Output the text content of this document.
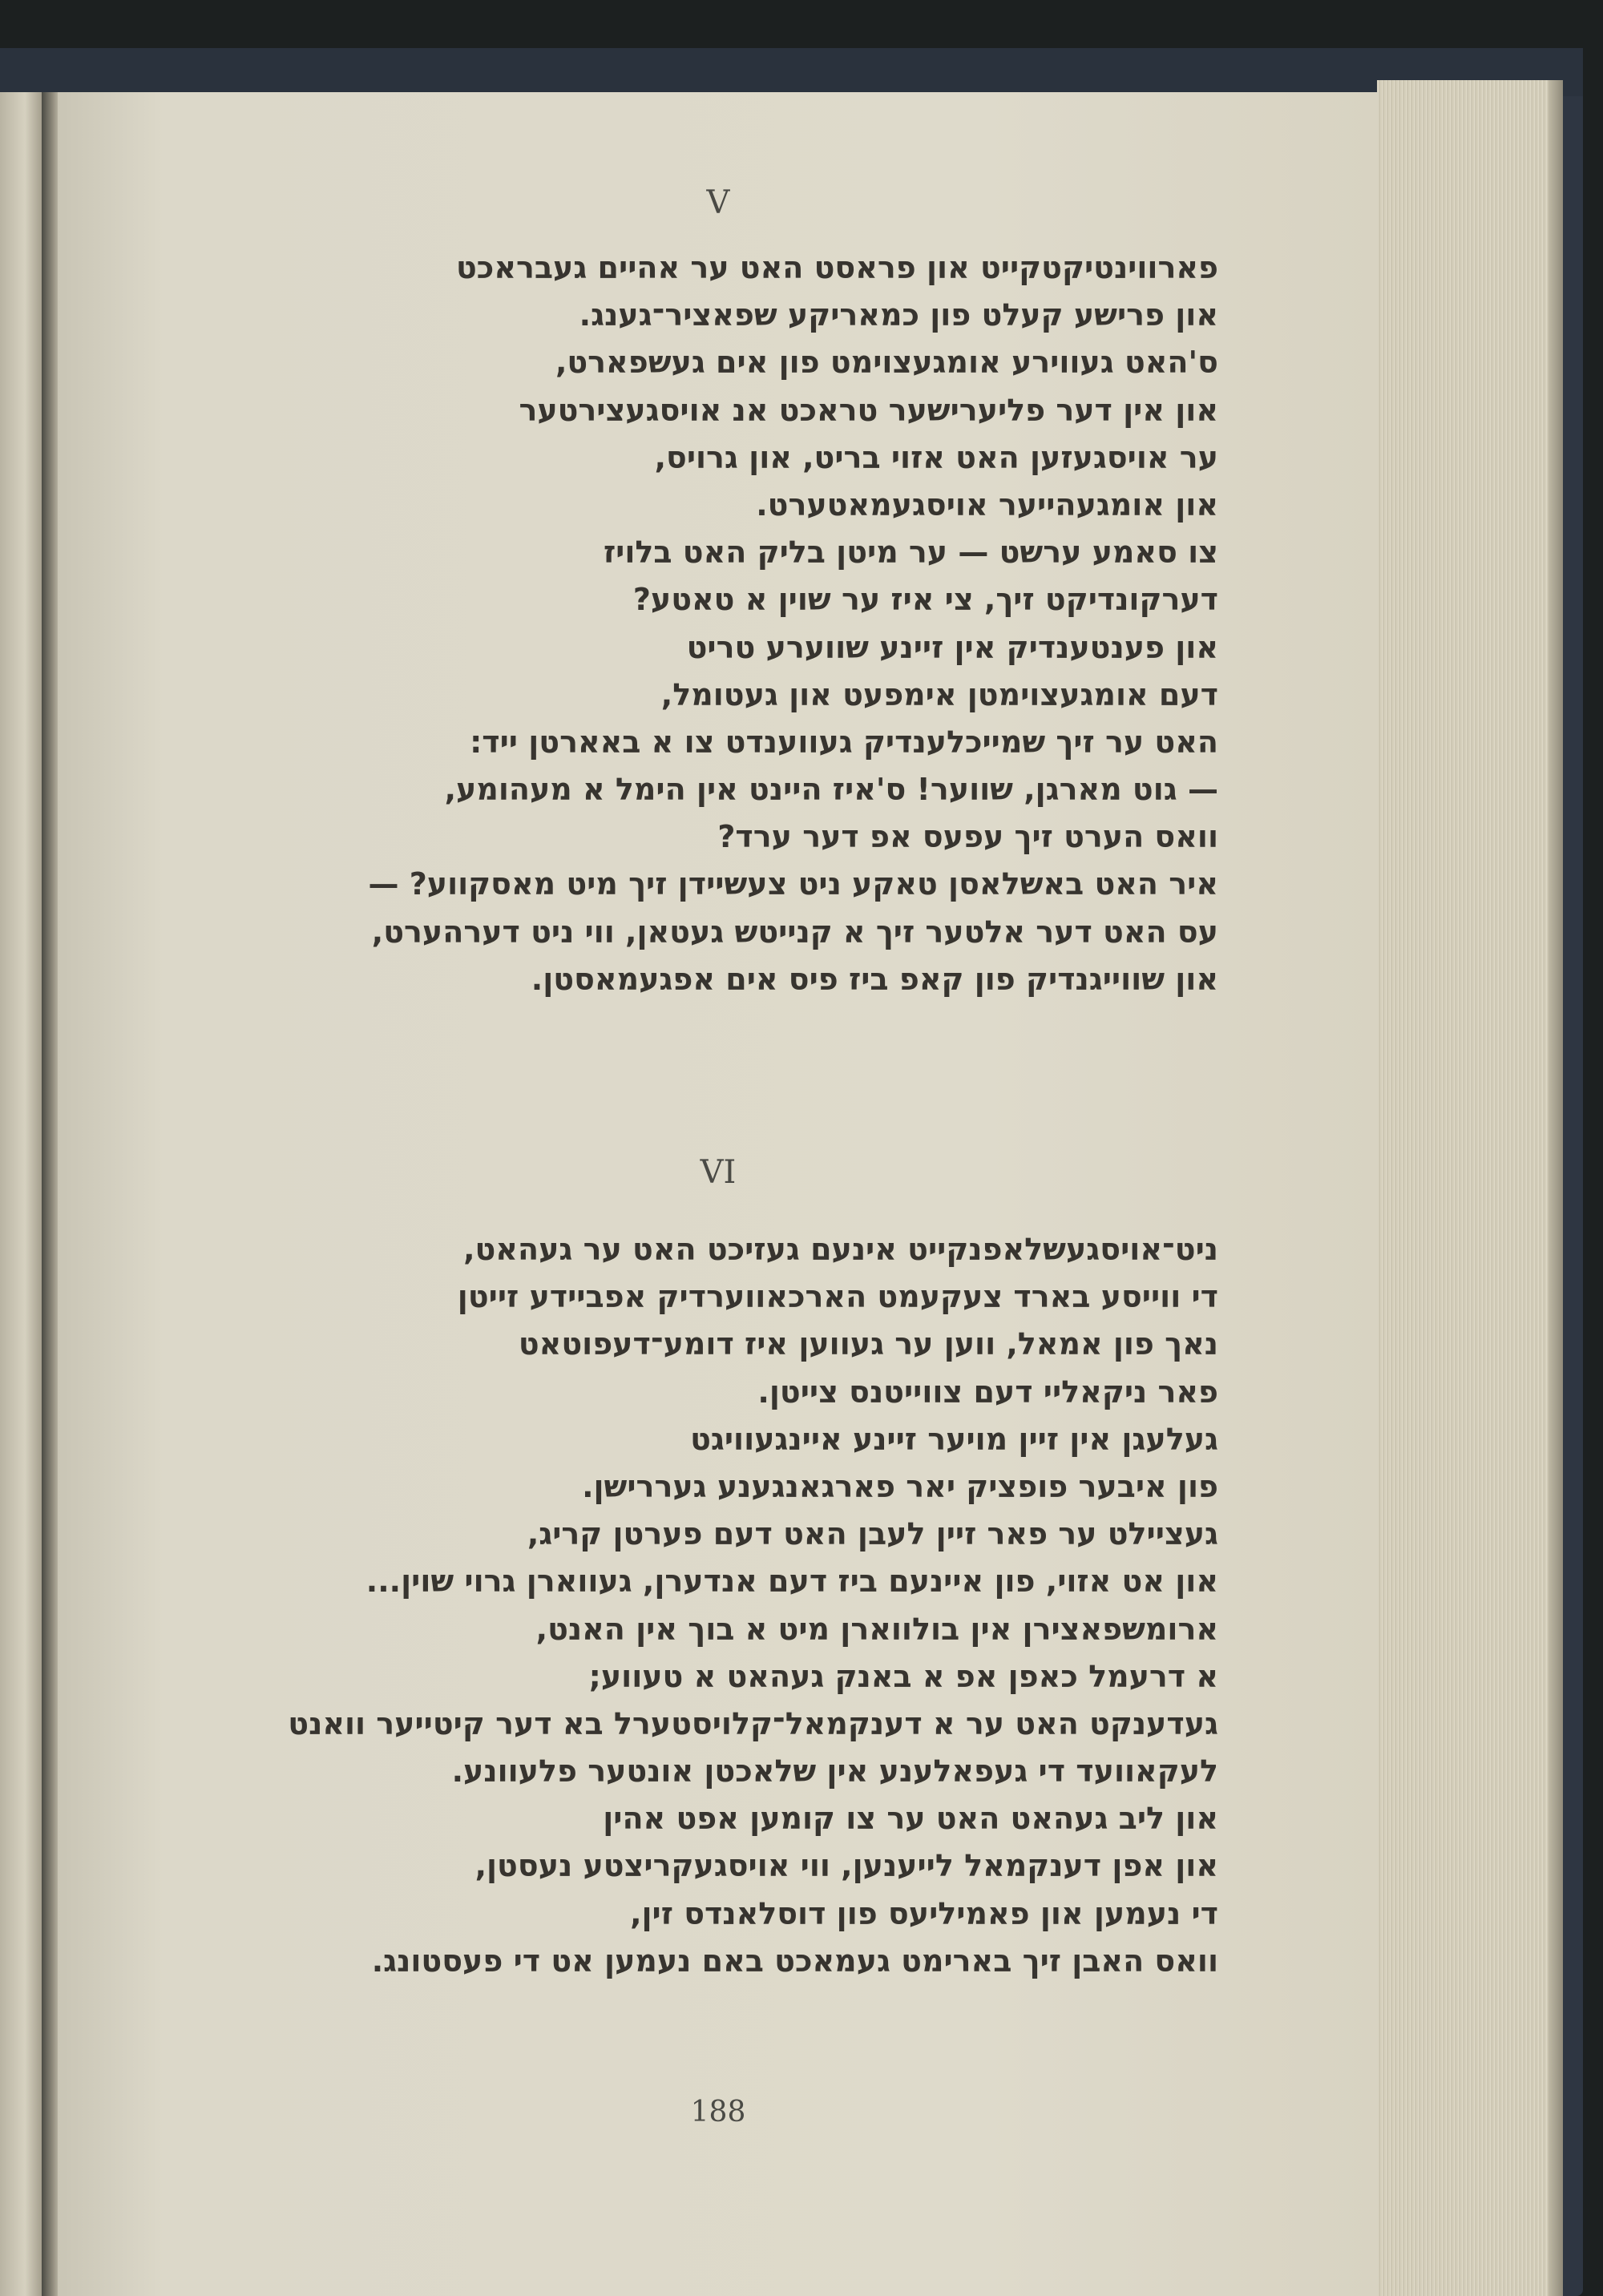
V

פארווינטיקטקייט און פראסט האט ער אהיים געבראכט
און פרישע קעלט פון כמאריקע שפאציר־גענג.
ס'האט געווירע אומגעצוימט פון אים געשפארט,
און אין דער פליערישער טראכט אנ אויסגעצירטער
ער אויסגעזען האט אזוי בריט, און גרויס,
און אומגעהייער אויסגעמאטערט.
צו סאמע ערשט — ער מיטן בליק האט בלויז
דערקונדיקט זיך, צי איז ער שוין א טאטע?
און פענטענדיק אין זיינע שווערע טריט
דעם אומגעצוימטן אימפעט און געטומל,
האט ער זיך שמייכלענדיק געווענדט צו א באארטן ייד:
— גוט מארגן, שווער! ס'איז היינט אין הימל א מעהומע,
וואס הערט זיך עפעס אפ דער ערד?
איר האט באשלאסן טאקע ניט צעשיידן זיך מיט מאסקווע? —
עס האט דער אלטער זיך א קנייטש געטאן, ווי ניט דערהערט,
און שווייגנדיק פון קאפ ביז פיס אים אפגעמאסטן.

VI

ניט־אויסגעשלאפנקייט אינעם געזיכט האט ער געהאט,
די ווייסע בארד צעקעמט הארכאווערדיק אפביידע זייטן
נאך פון אמאל, ווען ער געווען איז דומע־דעפוטאט
פאר ניקאליי דעם צווייטנס צייטן.
געלעגן אין זיין מויער זיינע איינגעוויגט
פון איבער פופציק יאר פארגאנגענע געררישן.
געציילט ער פאר זיין לעבן האט דעם פערטן קריג,
און אט אזוי, פון איינעם ביז דעם אנדערן, געווארן גרוי שוין...
ארומשפאצירן אין בולווארן מיט א בוך אין האנט,
א דרעמל כאפן אפ א באנק געהאט א טעווע;
געדענקט האט ער א דענקמאל־קלויסטערל בא דער קיטייער וואנט
לעקאוועד די געפאלענע אין שלאכטן אונטער פלעוונע.
און ליב געהאט האט ער צו קומען אפט אהין
און אפן דענקמאל לייענען, ווי אויסגעקריצטע נעסטן,
די נעמען און פאמיליעס פון דוסלאנדס זין,
וואס האבן זיך בארימט געמאכט באם נעמען אט די פעסטונג.

188
